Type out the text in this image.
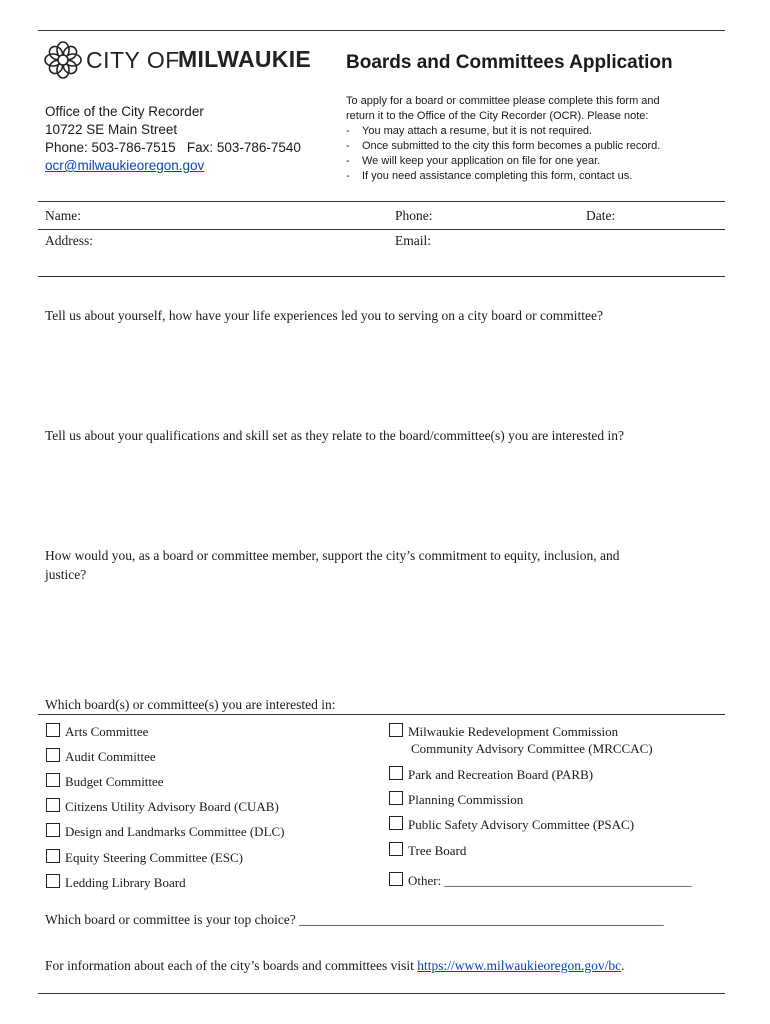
CITY OF
MILWAUKIE Boards and Committees Application
Office of the City Recorder
10722 SE Main Street
Phone: 503-786-7515   Fax: 503-786-7540
ocr@milwaukieoregon.gov
To apply for a board or committee please complete this form and
return it to the Office of the City Recorder (OCR). Please note:
- You may attach a resume, but it is not required.
- Once submitted to the city this form becomes a public record.
- We will keep your application on file for one year.
- If you need assistance completing this form, contact us.
Name:	Phone:	Date:
Address:	Email:
Tell us about yourself, how have your life experiences led you to serving on a city board or committee?
Tell us about your qualifications and skill set as they relate to the board/committee(s) you are interested in?
How would you, as a board or committee member, support the city’s commitment to equity, inclusion, and
justice?
Which board(s) or committee(s) you are interested in:
Arts Committee
Audit Committee
Budget Committee
Citizens Utility Advisory Board (CUAB)
Design and Landmarks Committee (DLC)
Equity Steering Committee (ESC)
Ledding Library Board
Milwaukie Redevelopment Commission
Community Advisory Committee (MRCCAC)
Park and Recreation Board (PARB)
Planning Commission
Public Safety Advisory Committee (PSAC)
Tree Board
Other: ______________________________________
Which board or committee is your top choice? ______________________________________________________
For information about each of the city’s boards and committees visit https://www.milwaukieoregon.gov/bc.
